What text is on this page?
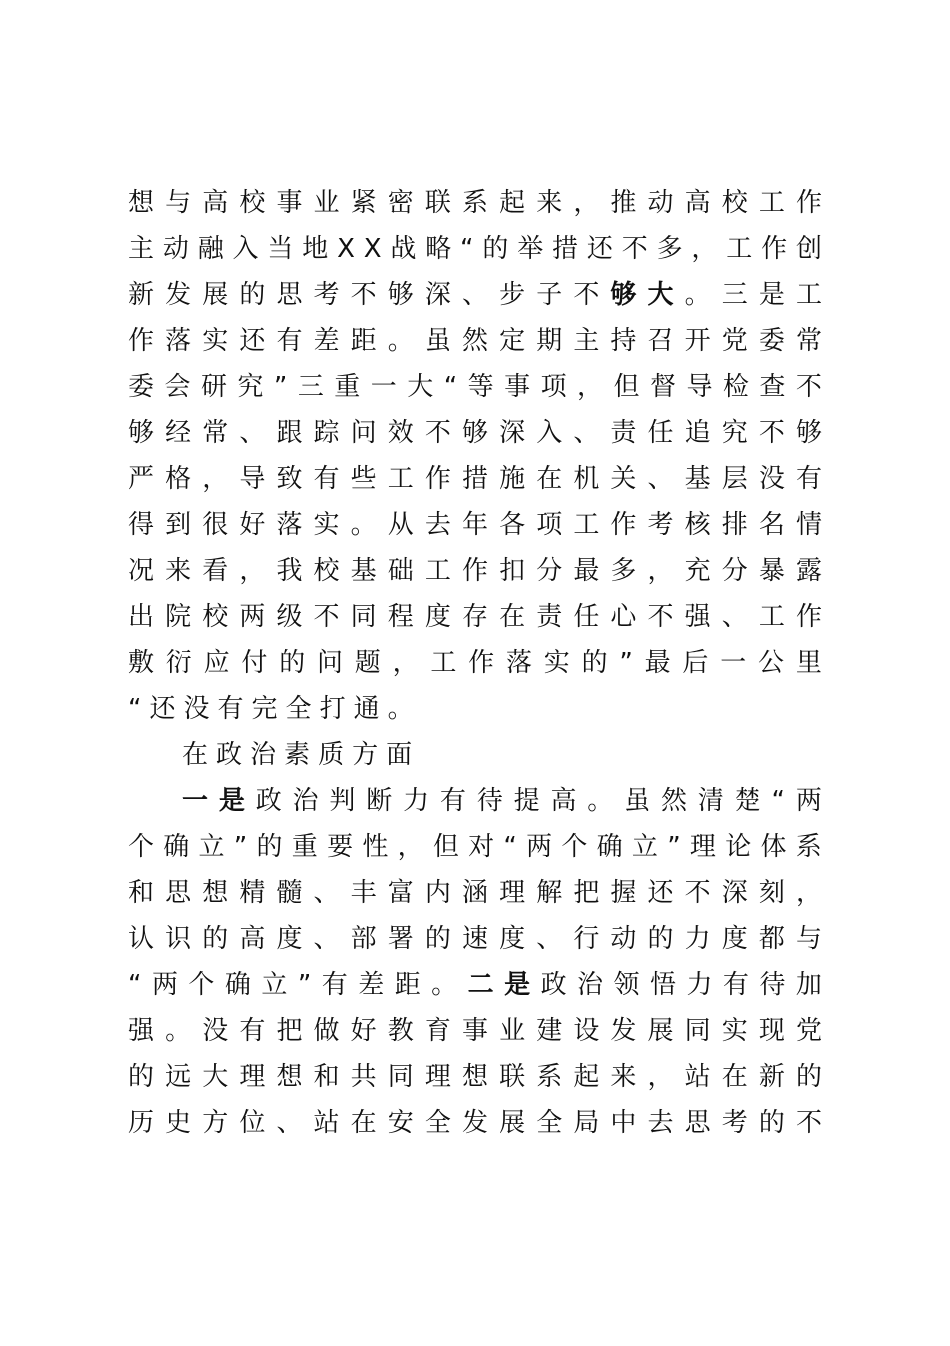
想 与 高 校 事 业 紧 密 联 系 起 来 ， 推 动 高 校 工 作
主 动 融 入 当 地 X X 战 略 “ 的 举 措 还 不 多 ， 工 作 创
新 发 展 的 思 考 不 够 深 、 步 子 不 够 大 。 三 是 工
作 落 实 还 有 差 距 。 虽 然 定 期 主 持 召 开 党 委 常
委 会 研 究 ” 三 重 一 大 “ 等 事 项 ， 但 督 导 检 查 不
够 经 常 、 跟 踪 问 效 不 够 深 入 、 责 任 追 究 不 够
严 格 ， 导 致 有 些 工 作 措 施 在 机 关 、 基 层 没 有
得 到 很 好 落 实 。 从 去 年 各 项 工 作 考 核 排 名 情
况 来 看 ， 我 校 基 础 工 作 扣 分 最 多 ， 充 分 暴 露
出 院 校 两 级 不 同 程 度 存 在 责 任 心 不 强 、 工 作
敷 衍 应 付 的 问 题 ， 工 作 落 实 的 ” 最 后 一 公 里
“ 还 没 有 完 全 打 通 。
在 政 治 素 质 方 面
一 是 政 治 判 断 力 有 待 提 高 。 虽 然 清 楚 “ 两
个 确 立 ” 的 重 要 性 ， 但 对 “ 两 个 确 立 ” 理 论 体 系
和 思 想 精 髓 、 丰 富 内 涵 理 解 把 握 还 不 深 刻 ，
认 识 的 高 度 、 部 署 的 速 度 、 行 动 的 力 度 都 与
“ 两 个 确 立 ” 有 差 距 。 二 是 政 治 领 悟 力 有 待 加
强 。 没 有 把 做 好 教 育 事 业 建 设 发 展 同 实 现 党
的 远 大 理 想 和 共 同 理 想 联 系 起 来 ， 站 在 新 的
历 史 方 位 、 站 在 安 全 发 展 全 局 中 去 思 考 的 不
